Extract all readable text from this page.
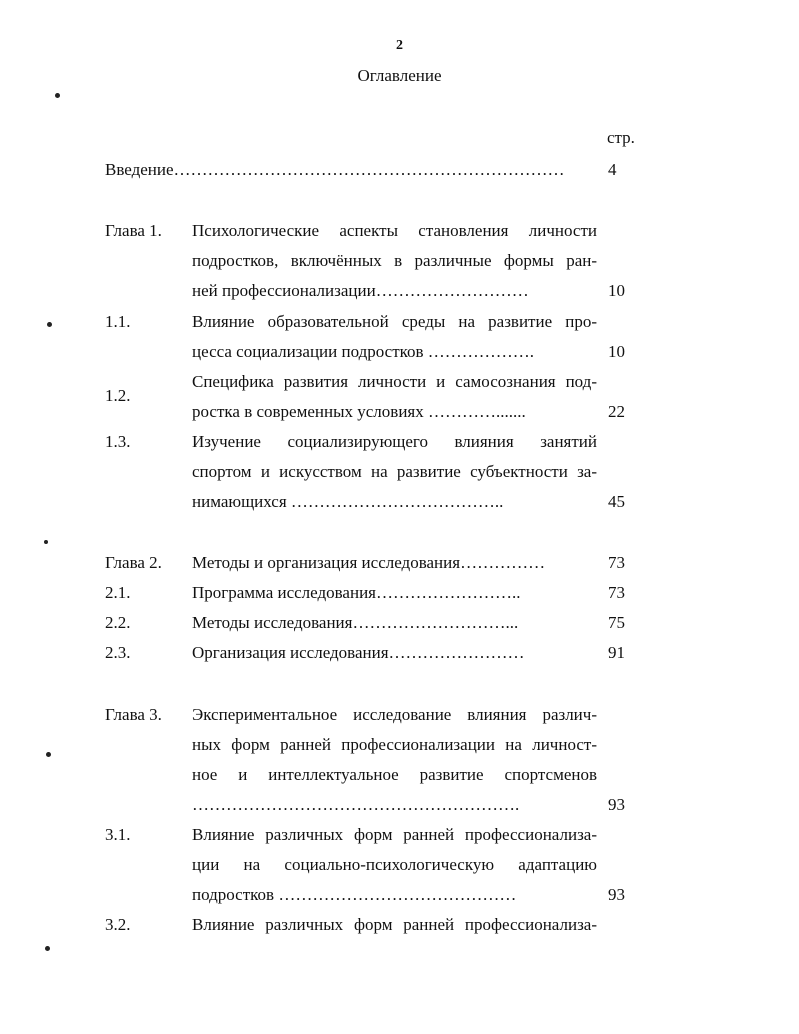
2
Оглавление
стр.
Введение……………………………………………………………	4
Глава 1. Психологические аспекты становления личности
подростков, включённых в различные формы ран-
ней профессионализации………………………	10
1.1.	Влияние образовательной среды на развитие про-
цесса социализации подростков ……………….	10
1.2.
Специфика развития личности и самосознания под-
ростка в современных условиях ………….......	22
1.3.	Изучение социализирующего влияния занятий
спортом и искусством на развитие субъектности за-
нимающихся ………………………………..	45
Глава 2. Методы и организация исследования……………	73
2.1.	Программа исследования……………………..	73
2.2.	Методы исследования………………………...	75
2.3.	Организация исследования……………………	91
Глава 3. Экспериментальное исследование влияния различ-
ных форм ранней профессионализации на личност-
ное и интеллектуальное развитие спортсменов
………………………………………………….	93
3.1.	Влияние различных форм ранней профессионализа-
ции на социально-психологическую адаптацию
подростков ……………………………………	93
3.2.	Влияние различных форм ранней профессионализа-
